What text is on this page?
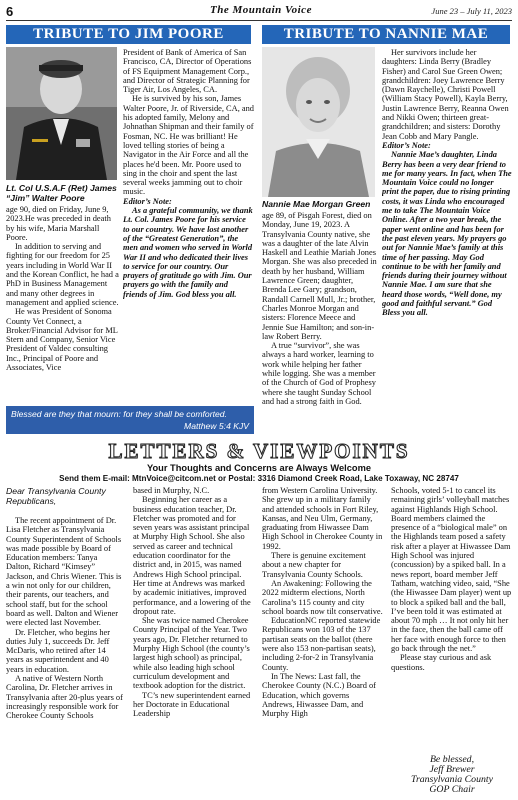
6	The Mountain Voice	June 23 – July 11, 2023
TRIBUTE TO JIM POORE	TRIBUTE TO NANNIE MAE
Lt. Col U.S.A.F (Ret) James
“Jim” Walter Poore

age 90, died on Friday, June 9, 2023.He was preceded in death by his wife, Maria Marshall Poore.

In addition to serving and fighting for our freedom for 25 years including in World War II and the Korean Conflict, he had a PhD in Business Management and many other degrees in management and applied science.

He was President of Sonoma County Vet Connect, a Broker/Financial Advisor for ML Stern and Company, Senior Vice President of Valdec consulting Inc., Principal of Poore and Associates, Vice

President of Bank of America of San Francisco, CA, Director of Operations of FS Equipment Management Corp., and Director of Strategic Planning for Tiger Air, Los Angeles, CA.

He is survived by his son, James Walter Poore, Jr. of Riverside, CA, and his adopted family, Melony and Johnathan Shipman and their family of Fosman, NC. He was brilliant! He loved telling stories of being a Navigator in the Air Force and all the places he'd been. Mr. Poore used to sing in the choir and spent the last several weeks jamming out to choir music.

Editor’s Note:

As a grateful community, we thank Lt. Col. James Poore for his service to our country. We have lost another of the “Greatest Generation”, the men and women who served in World War II and who dedicated their lives to service for our country. Our prayers of gratitude go with Jim. Our prayers go with the family and friends of Jim. God bless you all.

Blessed are they that mourn: for they shall be comforted.
Matthew 5:4 KJV
Nannie Mae Morgan Green

age 89, of Pisgah Forest, died on Monday, June 19, 2023. A Transylvania County native, she was a daughter of the late Alvin Haskell and Leathie Mariah Jones Morgan. She was also preceded in death by her husband, William Lawrence Green; daughter, Brenda Lee Gary; grandson, Randall Carnell Mull, Jr.; brother, Charles Monroe Morgan and sisters: Florence Meece and Jennie Sue Hamilton; and son-in-law Robert Berry.

A true “survivor”, she was always a hard worker, learning to work while helping her father while logging. She was a member of the Church of God of Prophesy where she taught Sunday School and had a strong faith in God.

Her survivors include her daughters: Linda Berry (Bradley Fisher) and Carol Sue Green Owen; grandchildren: Joey Lawrence Berry (Dawn Raychelle), Christi Powell (William Stacy Powell), Kayla Berry, Justin Lawrence Berry, Reanna Owen and Nikki Owen; thirteen great-grandchildren; and sisters: Dorothy Jean Cobb and Mary Pangle.

Editor’s Note:

Nannie Mae’s daughter, Linda Berry has been a very dear friend to me for many years. In fact, when The Mountain Voice could no longer print the paper, due to rising printing costs, it was Linda who encouraged me to take The Mountain Voice Online. After a two year break, the paper went online and has been for the past eleven years. My prayers go out for Nannie Mae’s family at this time of her passing. May God continue to be with her family and friends during their journey without Nannie Mae. I am sure that she heard those words, “Well done, my good and faithful servant.” God Bless you all.

LETTERS & VIEWPOINTS
Your Thoughts and Concerns are Always Welcome
Send them E-mail: MtnVoice@citcom.net or Postal: 3316 Diamond Creek Road, Lake Toxaway, NC 28747

Dear Transylvania County Republicans,

The recent appointment of Dr. Lisa Fletcher as Transylvania County Superintendent of Schools was made possible by Board of Education members: Tanya Dalton, Richard “Kimsey” Jackson, and Chris Wiener. This is a win not only for our children, their parents, our teachers, and school staff, but for the school board as well. Dalton and Wiener were elected last November.

Dr. Fletcher, who begins her duties July 1, succeeds Dr. Jeff McDaris, who retired after 14 years as superintendent and 40 years in education.

A native of Western North Carolina, Dr. Fletcher arrives in Transylvania after 20-plus years of increasingly responsible work for Cherokee County Schools

based in Murphy, N.C.

Beginning her career as a business education teacher, Dr. Fletcher was promoted and for seven years was assistant principal at Murphy High School. She also served as career and technical education coordinator for the district and, in 2015, was named Andrews High School principal. Her time at Andrews was marked by academic initiatives, improved performance, and a lowering of the dropout rate.

She was twice named Cherokee County Principal of the Year. Two years ago, Dr. Fletcher returned to Murphy High School (the county’s largest high school) as principal, while also leading high school curriculum development and textbook adoption for the district.

TC’s new superintendent earned her Doctorate in Educational Leadership

from Western Carolina University. She grew up in a military family and attended schools in Fort Riley, Kansas, and Neu Ulm, Germany, graduating from Hiwassee Dam High School in Cherokee County in 1992.

There is genuine excitement about a new chapter for Transylvania County Schools.

An Awakening: Following the 2022 midterm elections, North Carolina’s 115 county and city school boards now tilt conservative.

EducationNC reported statewide Republicans won 103 of the 137 partisan seats on the ballot (there were also 153 non-partisan seats), including 2-for-2 in Transylvania County.

In The News: Last fall, the Cherokee County (N.C.) Board of Education, which governs Andrews, Hiwassee Dam, and Murphy High

Schools, voted 5-1 to cancel its remaining girls’ volleyball matches against Highlands High School. Board members claimed the presence of a “biological male” on the Highlands team posed a safety risk after a player at Hiwassee Dam High School was injured (concussion) by a spiked ball. In a news report, board member Jeff Tatham, watching video, said, “She (the Hiwassee Dam player) went up to block a spiked ball and the ball, I’ve been told it was estimated at about 70 mph … It not only hit her in the face, then the ball came off her face with enough force to then go back through the net.”

Please stay curious and ask questions.

Be blessed,
Jeff Brewer
Transylvania County
GOP Chair
